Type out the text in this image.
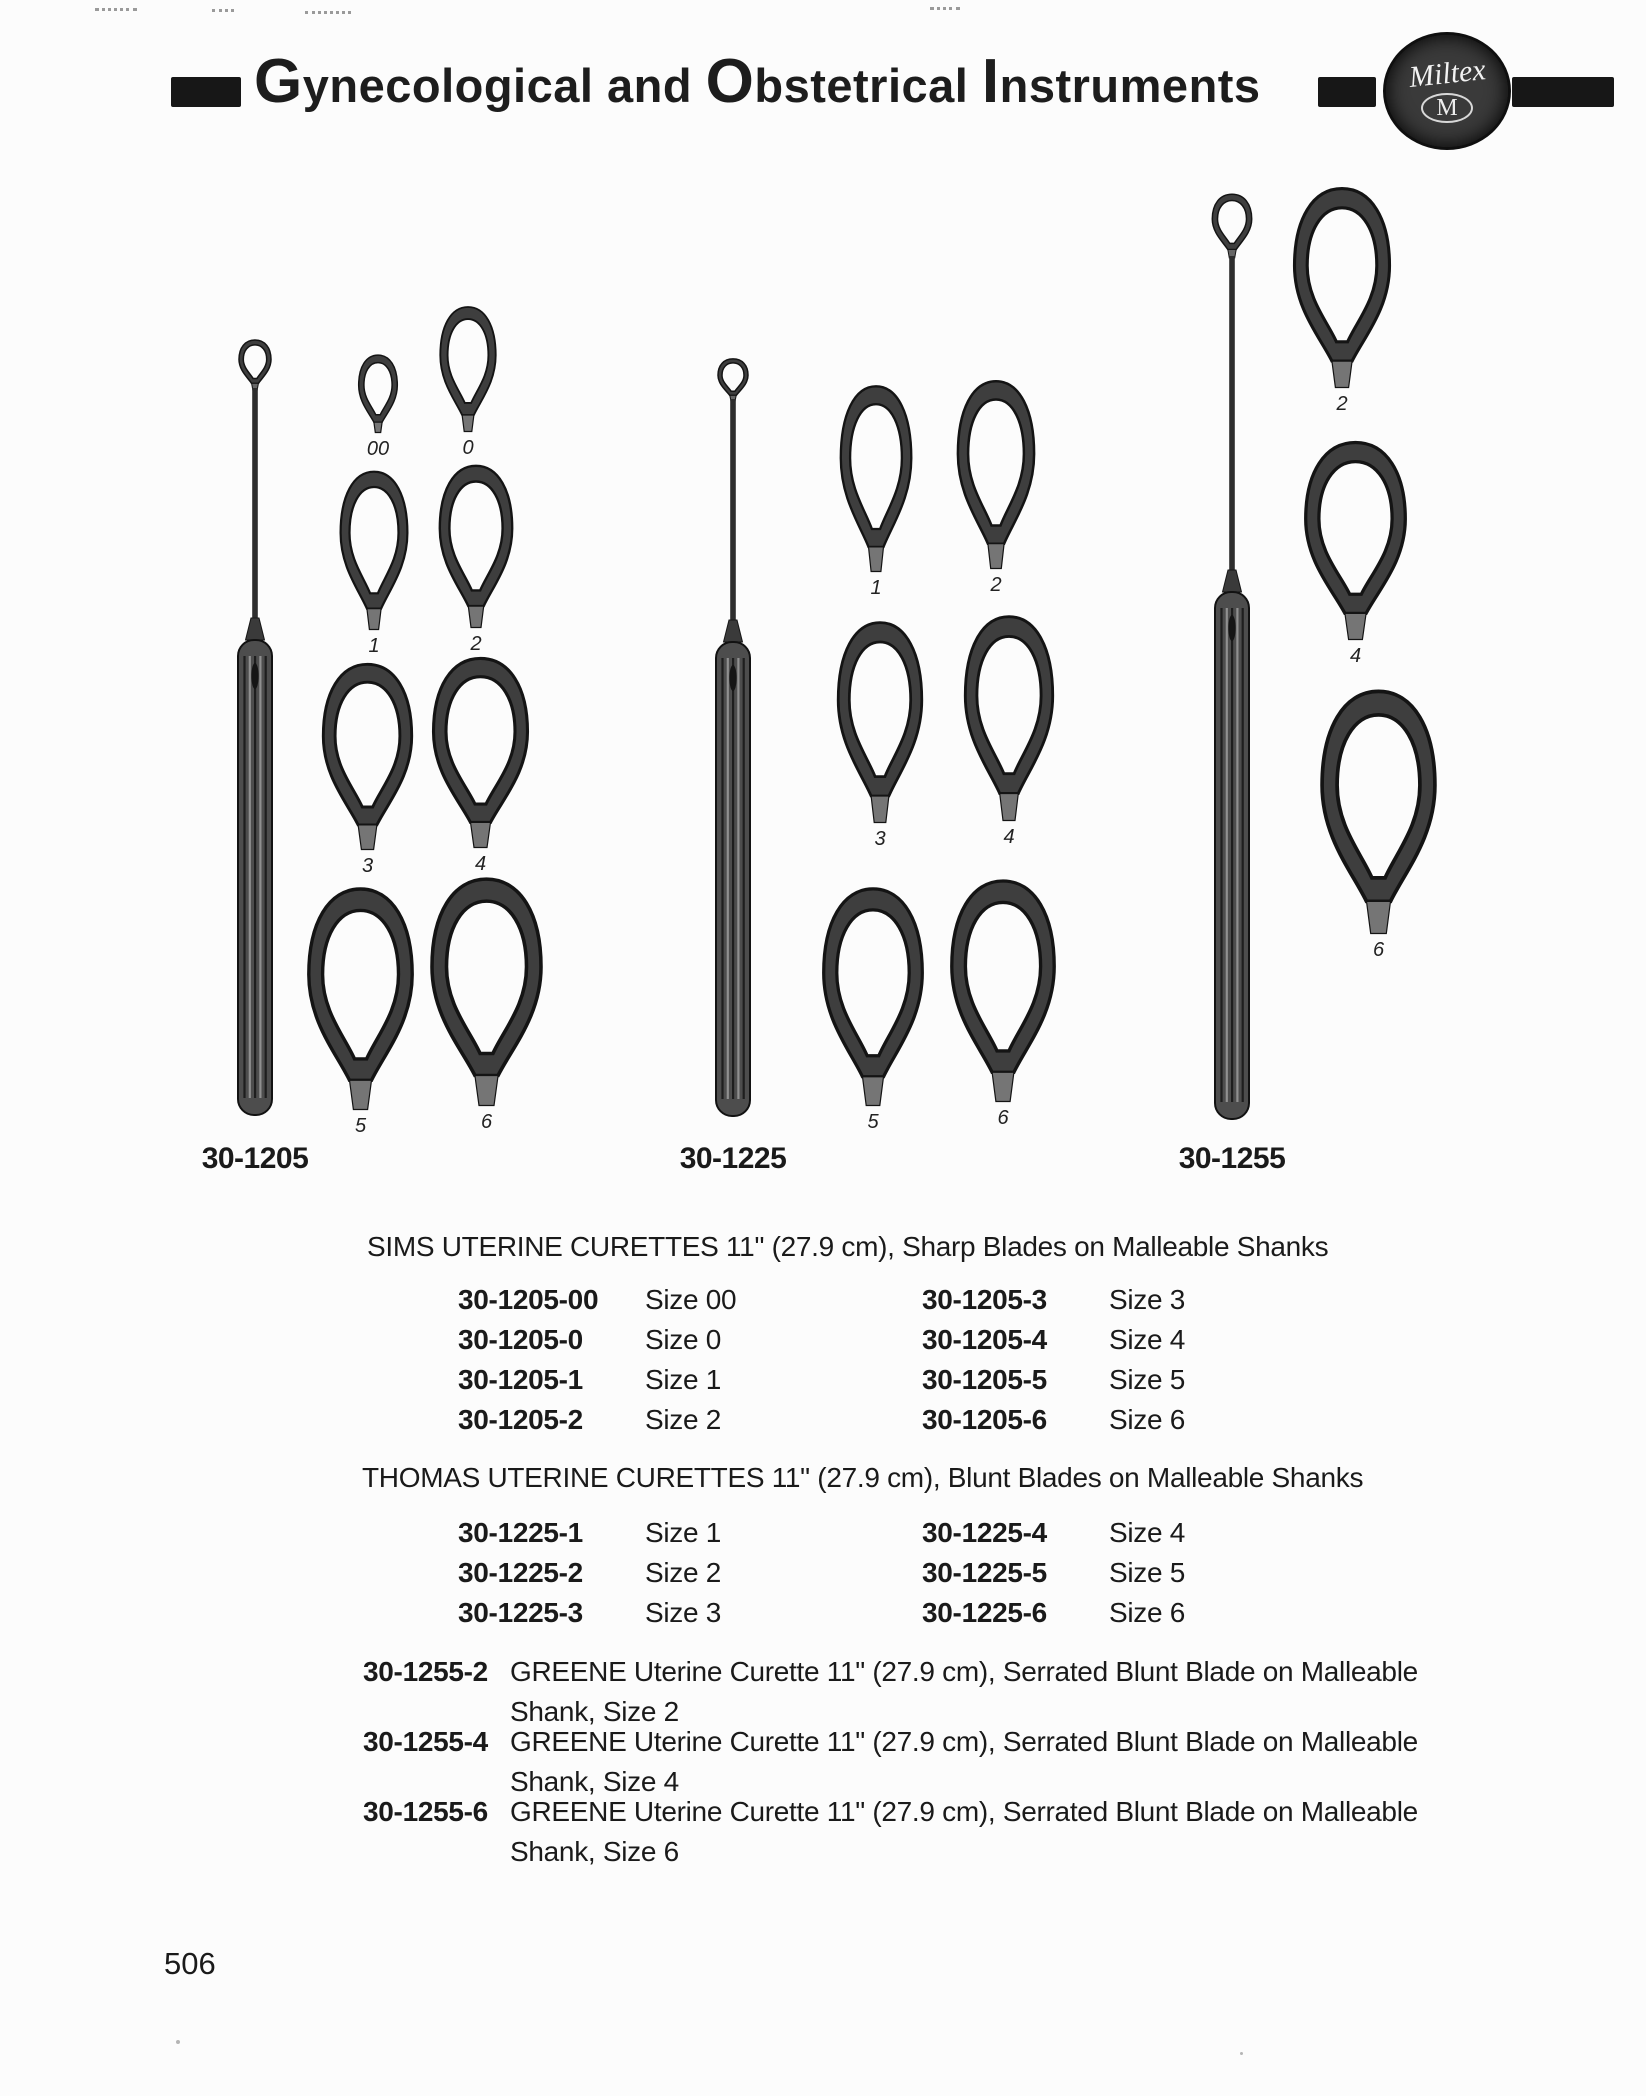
Gynecological and Obstetrical Instruments	Miltex
M
00	0
1	2
3	4
5	6
1	2
3	4
5	6
2
4
6
30-1205	30-1225	30-1255
SIMS UTERINE CURETTES 11" (27.9 cm), Sharp Blades on Malleable Shanks
30-1205-00 Size 00	30-1205-3 Size 3
30-1205-0 Size 0	30-1205-4 Size 4
30-1205-1 Size 1	30-1205-5 Size 5
30-1205-2 Size 2	30-1205-6 Size 6
THOMAS UTERINE CURETTES 11" (27.9 cm), Blunt Blades on Malleable Shanks
30-1225-1 Size 1	30-1225-4 Size 4
30-1225-2 Size 2	30-1225-5 Size 5
30-1225-3 Size 3	30-1225-6 Size 6
30-1255-2 GREENE Uterine Curette 11" (27.9 cm), Serrated Blunt Blade on Malleable
Shank, Size 2
30-1255-4 GREENE Uterine Curette 11" (27.9 cm), Serrated Blunt Blade on Malleable
Shank, Size 4
30-1255-6 GREENE Uterine Curette 11" (27.9 cm), Serrated Blunt Blade on Malleable
Shank, Size 6
506
